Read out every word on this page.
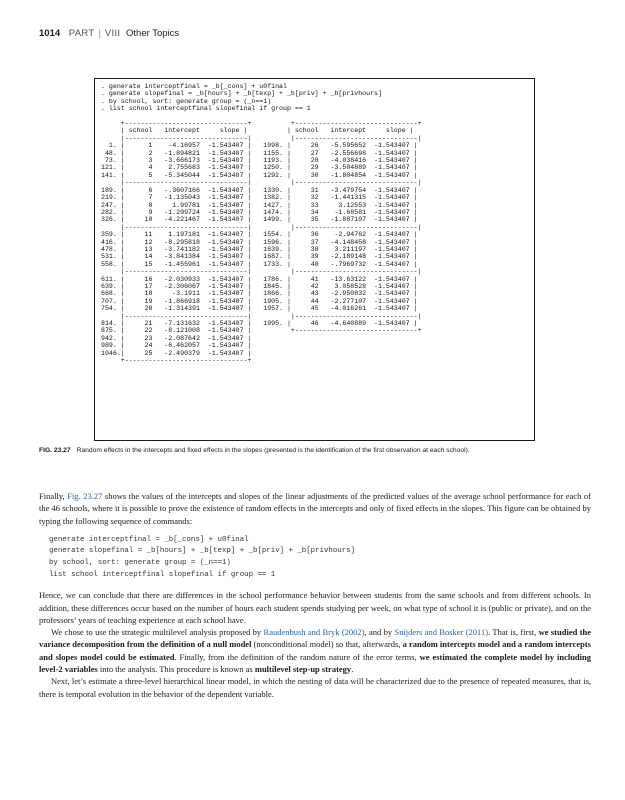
1014 PART | VIII Other Topics
. generate interceptfinal = _b[_cons] + u0final
. generate slopefinal = _b[hours] + _b[texp] + _b[priv] + _b[privhours]
. by school, sort: generate group = (_n==1)
. list school interceptfinal slopefinal if group == 1

+-------------------------------+          +-------------------------------+
| school   intercept     slope |          | school   intercept     slope |
|-------------------------------|          |-------------------------------|
1. |      1    -4.16957  -1.543407 |   1098. |     26   -5.595652  -1.543407 |
48. |      2   -1.894821  -1.543407 |   1155. |     27   -2.556698  -1.543407 |
73. |      3   -3.666173  -1.543407 |   1193. |     28   -4.038416  -1.543407 |
121. |      4    2.755683  -1.543407 |   1250. |     29   -3.504889  -1.543407 |
141. |      5   -5.345044  -1.543407 |   1292. |     30   -1.804854  -1.543407 |
|-------------------------------|          |-------------------------------|
189. |      6   -.3607166  -1.543407 |   1330. |     31   -3.479754  -1.543407 |
219. |      7   -1.135043  -1.543407 |   1382. |     32   -1.441315  -1.543407 |
247. |      8     1.99781  -1.543407 |   1427. |     33     3.12553  -1.543407 |
282. |      9   -1.299724  -1.543407 |   1474. |     34    -1.68581  -1.543407 |
326. |     10   -4.221467  -1.543407 |   1499. |     35   -1.887107  -1.543407 |
|-------------------------------|          |-------------------------------|
359. |     11    1.197181  -1.543407 |   1554. |     36    -2.94762  -1.543407 |
416. |     12   -8.295818  -1.543407 |   1596. |     37   -4.148458  -1.543407 |
478. |     13   -3.741182  -1.543407 |   1639. |     38    3.211197  -1.543407 |
531. |     14   -3.841384  -1.543407 |   1687. |     39   -2.189148  -1.543407 |
558. |     15   -1.455961  -1.543407 |   1733. |     40   -.7969732  -1.543407 |
|-------------------------------|          |-------------------------------|
611. |     16   -2.030933  -1.543407 |   1786. |     41   -13.63122  -1.543407 |
639. |     17   -2.306067  -1.543407 |   1845. |     42    3.058528  -1.543407 |
668. |     18     -3.1911  -1.543407 |   1866. |     43   -2.950832  -1.543407 |
707. |     19   -1.866918  -1.543407 |   1905. |     44   -2.277107  -1.543407 |
754. |     20   -1.314391  -1.543407 |   1957. |     45   -4.016261  -1.543407 |
|-------------------------------|          |-------------------------------|
814. |     21   -7.131632  -1.543407 |   1995. |     46   -4.640889  -1.543407 |
875. |     22   -8.121008  -1.543407 |          +-------------------------------+
942. |     23   -2.087642  -1.543407 |
989. |     24   -6.462057  -1.543407 |
1046.|     25   -2.490379  -1.543407 |
+-------------------------------+
FIG. 23.27 Random effects in the intercepts and fixed effects in the slopes (presented is the identification of the first observation at each school).

Finally, Fig. 23.27 shows the values of the intercepts and slopes of the linear adjustments of the predicted values of the average school performance for each of the 46 schools, where it is possible to prove the existence of random effects in the intercepts and only of fixed effects in the slopes. This figure can be obtained by typing the following sequence of commands:

generate interceptfinal = _b[_cons] + u0final
generate slopefinal = _b[hours] + _b[texp] + _b[priv] + _b[privhours]
by school, sort: generate group = (_n==1)
list school interceptfinal slopefinal if group == 1

Hence, we can conclude that there are differences in the school performance behavior between students from the same schools and from different schools. In addition, these differences occur based on the number of hours each student spends studying per week, on what type of school it is (public or private), and on the professors’ years of teaching experience at each school have.

We chose to use the strategic multilevel analysis proposed by Raudenbush and Bryk (2002), and by Snijders and Bosker (2011). That is, first, we studied the variance decomposition from the definition of a null model (nonconditional model) so that, afterwards, a random intercepts model and a random intercepts and slopes model could be estimated. Finally, from the definition of the random nature of the error terms, we estimated the complete model by including level-2 variables into the analysis. This procedure is known as multilevel step-up strategy.

Next, let’s estimate a three-level hierarchical linear model, in which the nesting of data will be characterized due to the presence of repeated measures, that is, there is temporal evolution in the behavior of the dependent variable.
